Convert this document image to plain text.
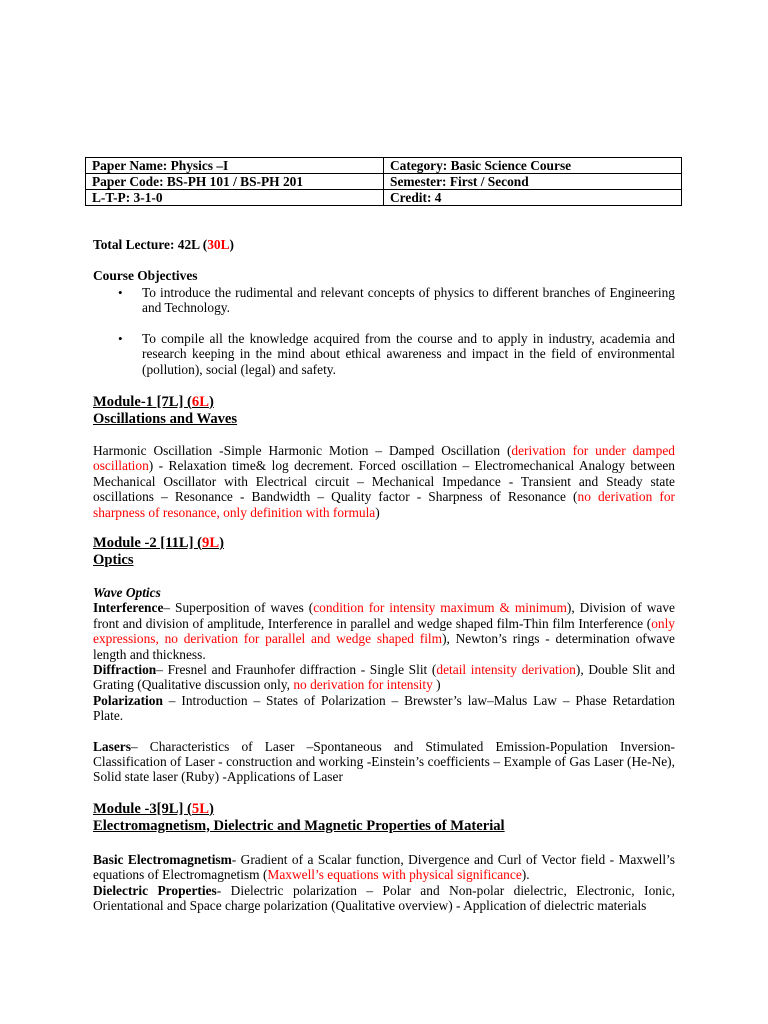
Paper Name: Physics –I	Category: Basic Science Course
Paper Code: BS-PH 101 / BS-PH 201	Semester: First / Second
L-T-P: 3-1-0	Credit: 4
Total Lecture: 42L (30L)
Course Objectives
• To introduce the rudimental and relevant concepts of physics to different branches of Engineering and Technology.
• To compile all the knowledge acquired from the course and to apply in industry, academia and research keeping in the mind about ethical awareness and impact in the field of environmental (pollution), social (legal) and safety.
Module-1 [7L] (6L)
Oscillations and Waves
Harmonic Oscillation -Simple Harmonic Motion – Damped Oscillation (derivation for under damped oscillation) - Relaxation time& log decrement. Forced oscillation – Electromechanical Analogy between Mechanical Oscillator with Electrical circuit – Mechanical Impedance - Transient and Steady state oscillations – Resonance - Bandwidth – Quality factor - Sharpness of Resonance (no derivation for sharpness of resonance, only definition with formula)
Module -2 [11L] (9L)
Optics
Wave Optics
Interference– Superposition of waves (condition for intensity maximum & minimum), Division of wave front and division of amplitude, Interference in parallel and wedge shaped film-Thin film Interference (only expressions, no derivation for parallel and wedge shaped film), Newton’s rings - determination ofwave length and thickness.
Diffraction– Fresnel and Fraunhofer diffraction - Single Slit (detail intensity derivation), Double Slit and Grating (Qualitative discussion only, no derivation for intensity )
Polarization – Introduction – States of Polarization – Brewster’s law–Malus Law – Phase Retardation Plate.
Lasers– Characteristics of Laser –Spontaneous and Stimulated Emission-Population Inversion-Classification of Laser - construction and working -Einstein’s coefficients – Example of Gas Laser (He-Ne), Solid state laser (Ruby) -Applications of Laser
Module -3[9L] (5L)
Electromagnetism, Dielectric and Magnetic Properties of Material
Basic Electromagnetism- Gradient of a Scalar function, Divergence and Curl of Vector field - Maxwell’s equations of Electromagnetism (Maxwell’s equations with physical significance).
Dielectric Properties- Dielectric polarization – Polar and Non-polar dielectric, Electronic, Ionic, Orientational and Space charge polarization (Qualitative overview) - Application of dielectric materials
